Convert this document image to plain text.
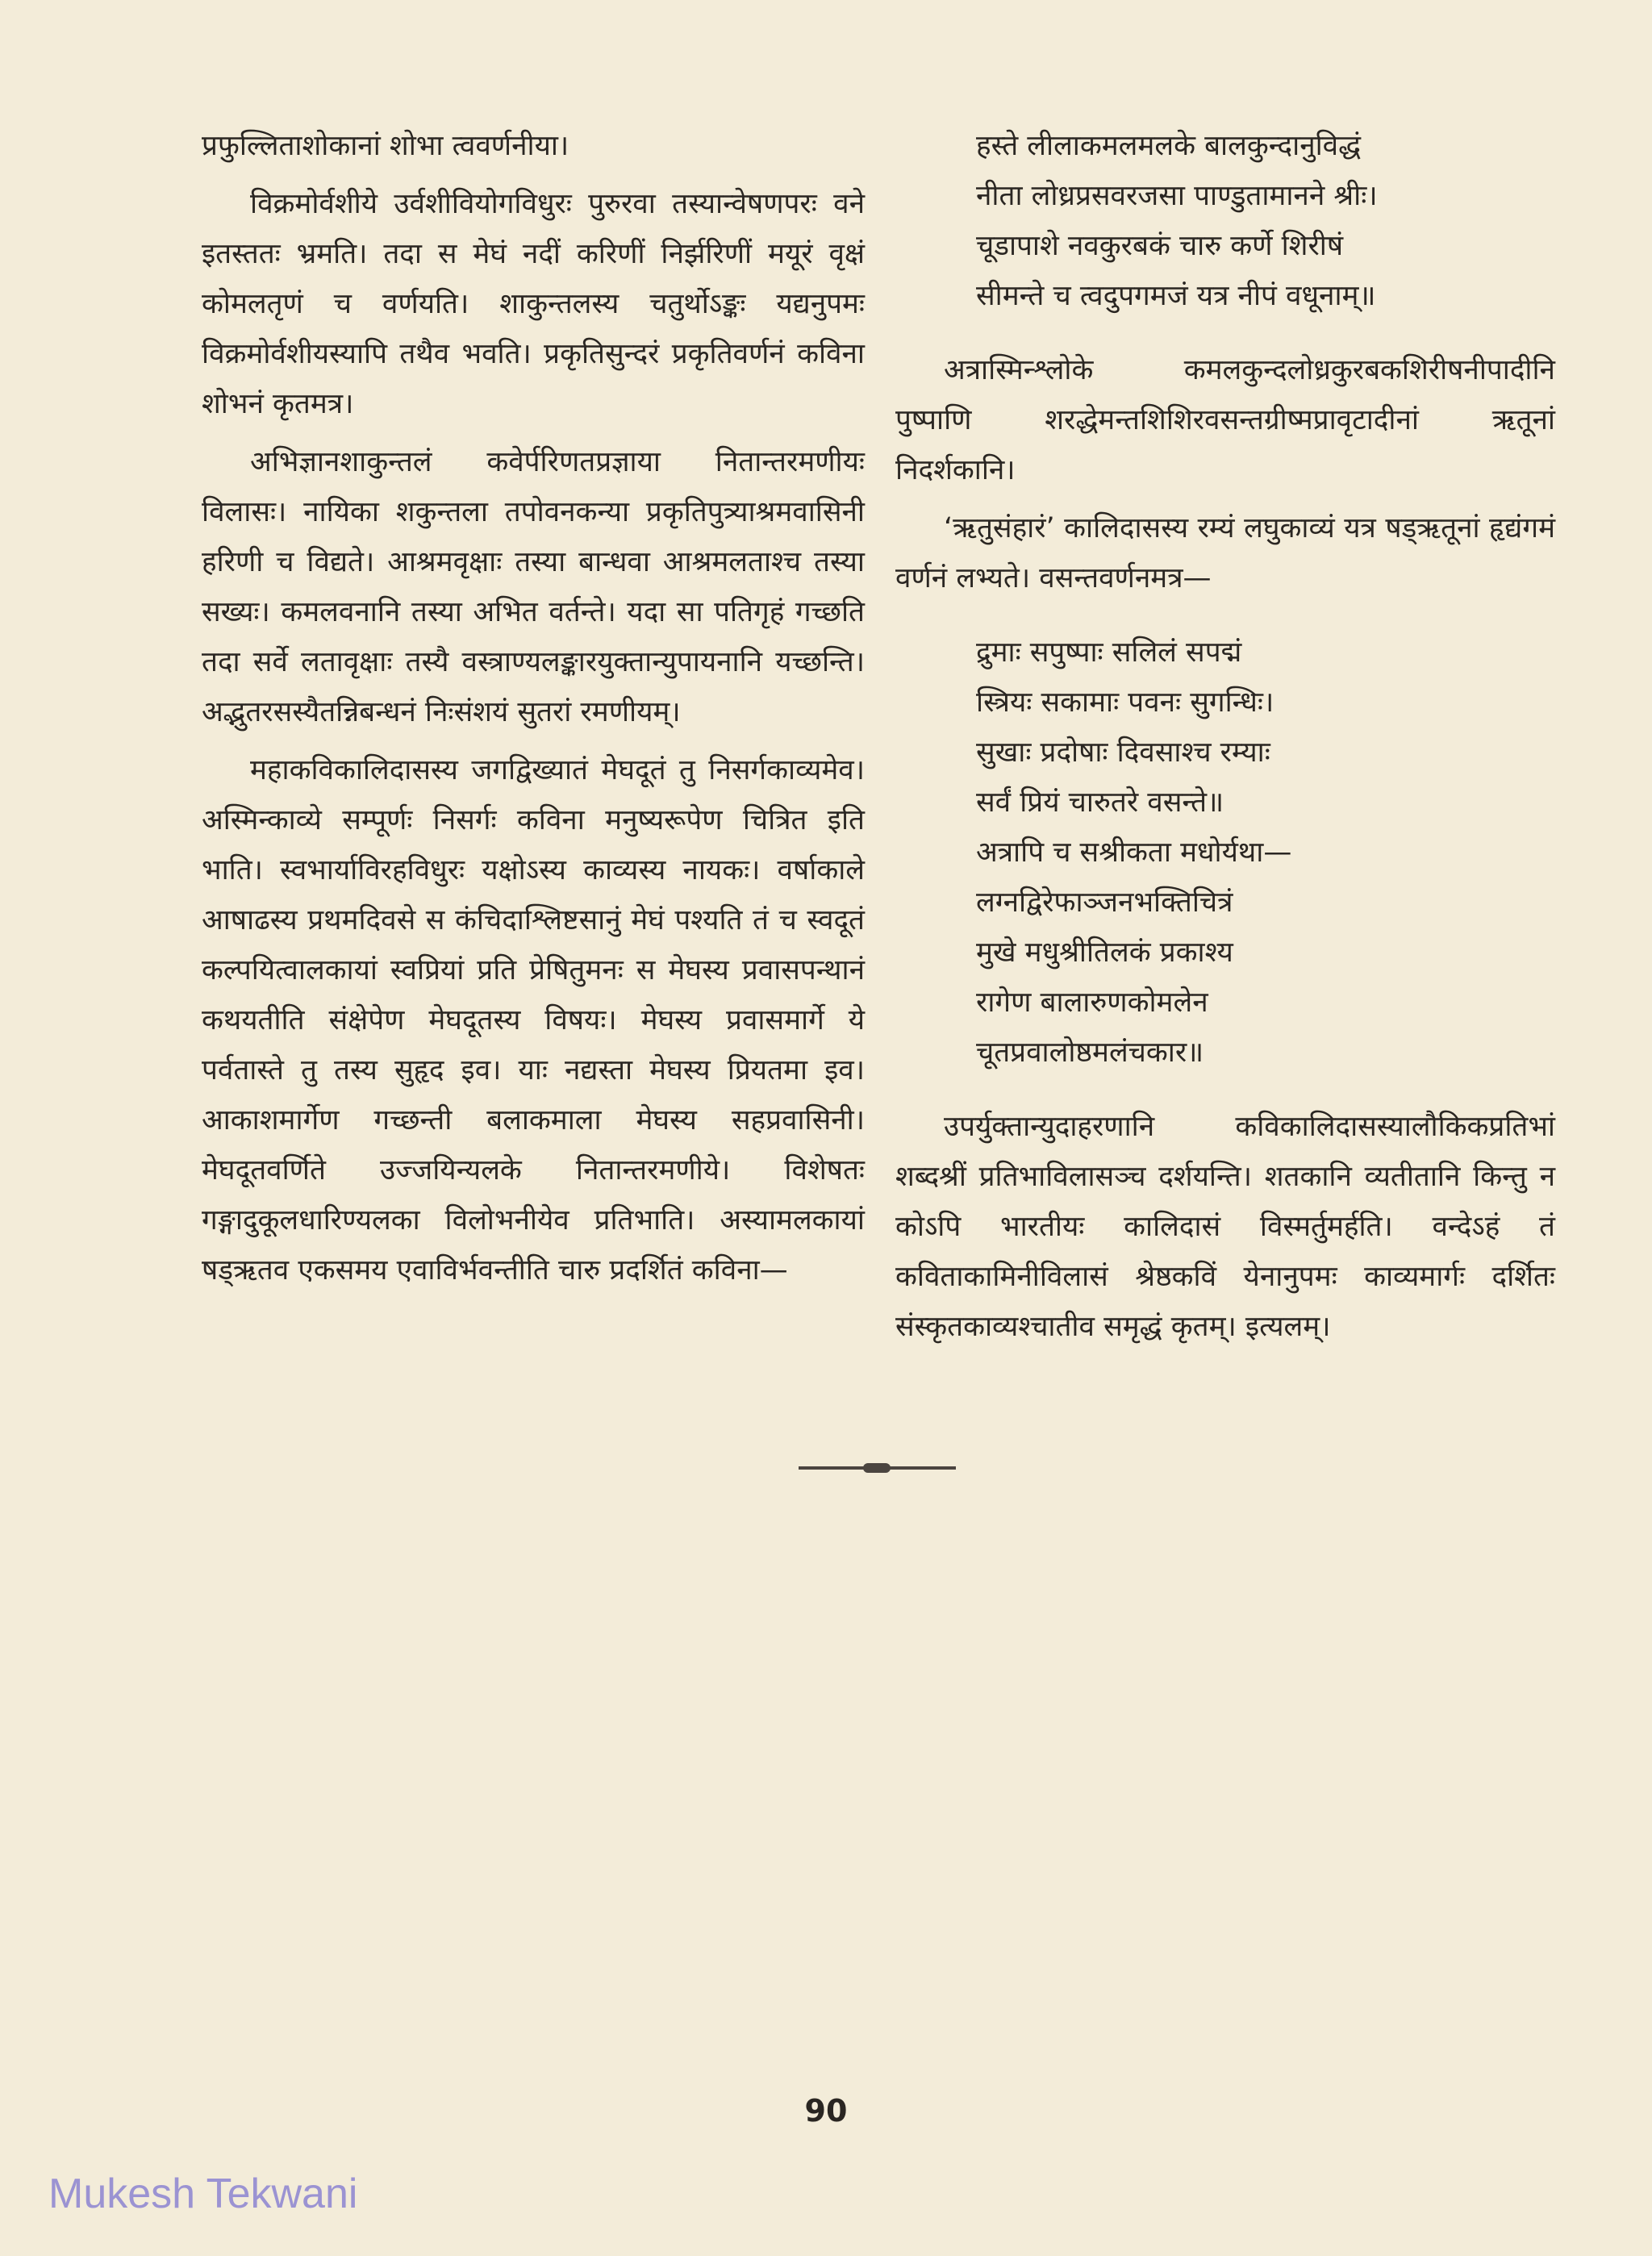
प्रफुल्लिताशोकानां शोभा त्ववर्णनीया।

विक्रमोर्वशीये उर्वशीवियोगविधुरः पुरुरवा तस्यान्वेषणपरः वने इतस्ततः भ्रमति। तदा स मेघं नदीं करिणीं निर्झरिणीं मयूरं वृक्षं कोमलतृणं च वर्णयति। शाकुन्तलस्य चतुर्थोऽङ्कः यद्यनुपमः विक्रमोर्वशीयस्यापि तथैव भवति। प्रकृतिसुन्दरं प्रकृतिवर्णनं कविना शोभनं कृतमत्र।

अभिज्ञानशाकुन्तलं कवेर्परिणतप्रज्ञाया नितान्तरमणीयः विलासः। नायिका शकुन्तला तपोवनकन्या प्रकृतिपुत्र्याश्रमवासिनी हरिणी च विद्यते। आश्रमवृक्षाः तस्या बान्धवा आश्रमलताश्च तस्या सख्यः। कमलवनानि तस्या अभित वर्तन्ते। यदा सा पतिगृहं गच्छति तदा सर्वे लतावृक्षाः तस्यै वस्त्राण्यलङ्कारयुक्तान्युपायनानि यच्छन्ति। अद्भुतरसस्यैतन्निबन्धनं निःसंशयं सुतरां रमणीयम्।

महाकविकालिदासस्य जगद्विख्यातं मेघदूतं तु निसर्गकाव्यमेव। अस्मिन्काव्ये सम्पूर्णः निसर्गः कविना मनुष्यरूपेण चित्रित इति भाति। स्वभार्याविरहविधुरः यक्षोऽस्य काव्यस्य नायकः। वर्षाकाले आषाढस्य प्रथमदिवसे स कंचिदाश्लिष्टसानुं मेघं पश्यति तं च स्वदूतं कल्पयित्वालकायां स्वप्रियां प्रति प्रेषितुमनः स मेघस्य प्रवासपन्थानं कथयतीति संक्षेपेण मेघदूतस्य विषयः। मेघस्य प्रवासमार्गे ये पर्वतास्ते तु तस्य सुहृद इव। याः नद्यस्ता मेघस्य प्रियतमा इव। आकाशमार्गेण गच्छन्ती बलाकमाला मेघस्य सहप्रवासिनी। मेघदूतवर्णिते उज्जयिन्यलके नितान्तरमणीये। विशेषतः गङ्गादुकूलधारिण्यलका विलोभनीयेव प्रतिभाति। अस्यामलकायां षड्ऋतव एकसमय एवाविर्भवन्तीति चारु प्रदर्शितं कविना—

हस्ते लीलाकमलमलके बालकुन्दानुविद्धं
नीता लोध्रप्रसवरजसा पाण्डुतामानने श्रीः।
चूडापाशे नवकुरबकं चारु कर्णे शिरीषं
सीमन्ते च त्वदुपगमजं यत्र नीपं वधूनाम्॥

अत्रास्मिन्श्लोके कमलकुन्दलोध्रकुरबकशिरीषनीपादीनि पुष्पाणि शरद्धेमन्तशिशिरवसन्तग्रीष्मप्रावृटादीनां ऋतूनां निदर्शकानि।

‘ऋतुसंहारं’ कालिदासस्य रम्यं लघुकाव्यं यत्र षड्ऋतूनां हृद्यंगमं वर्णनं लभ्यते। वसन्तवर्णनमत्र—

द्रुमाः सपुष्पाः सलिलं सपद्मं
स्त्रियः सकामाः पवनः सुगन्धिः।
सुखाः प्रदोषाः दिवसाश्च रम्याः
सर्वं प्रियं चारुतरे वसन्ते॥
अत्रापि च सश्रीकता मधोर्यथा—
लग्नद्विरेफाञ्जनभक्तिचित्रं
मुखे मधुश्रीतिलकं प्रकाश्य
रागेण बालारुणकोमलेन
चूतप्रवालोष्ठमलंचकार॥

उपर्युक्तान्युदाहरणानि कविकालिदासस्यालौकिकप्रतिभां शब्दश्रीं प्रतिभाविलासञ्च दर्शयन्ति। शतकानि व्यतीतानि किन्तु न कोऽपि भारतीयः कालिदासं विस्मर्तुमर्हति। वन्देऽहं तं कविताकामिनीविलासं श्रेष्ठकविं येनानुपमः काव्यमार्गः दर्शितः संस्कृतकाव्यश्चातीव समृद्धं कृतम्। इत्यलम्।

90
Mukesh Tekwani
